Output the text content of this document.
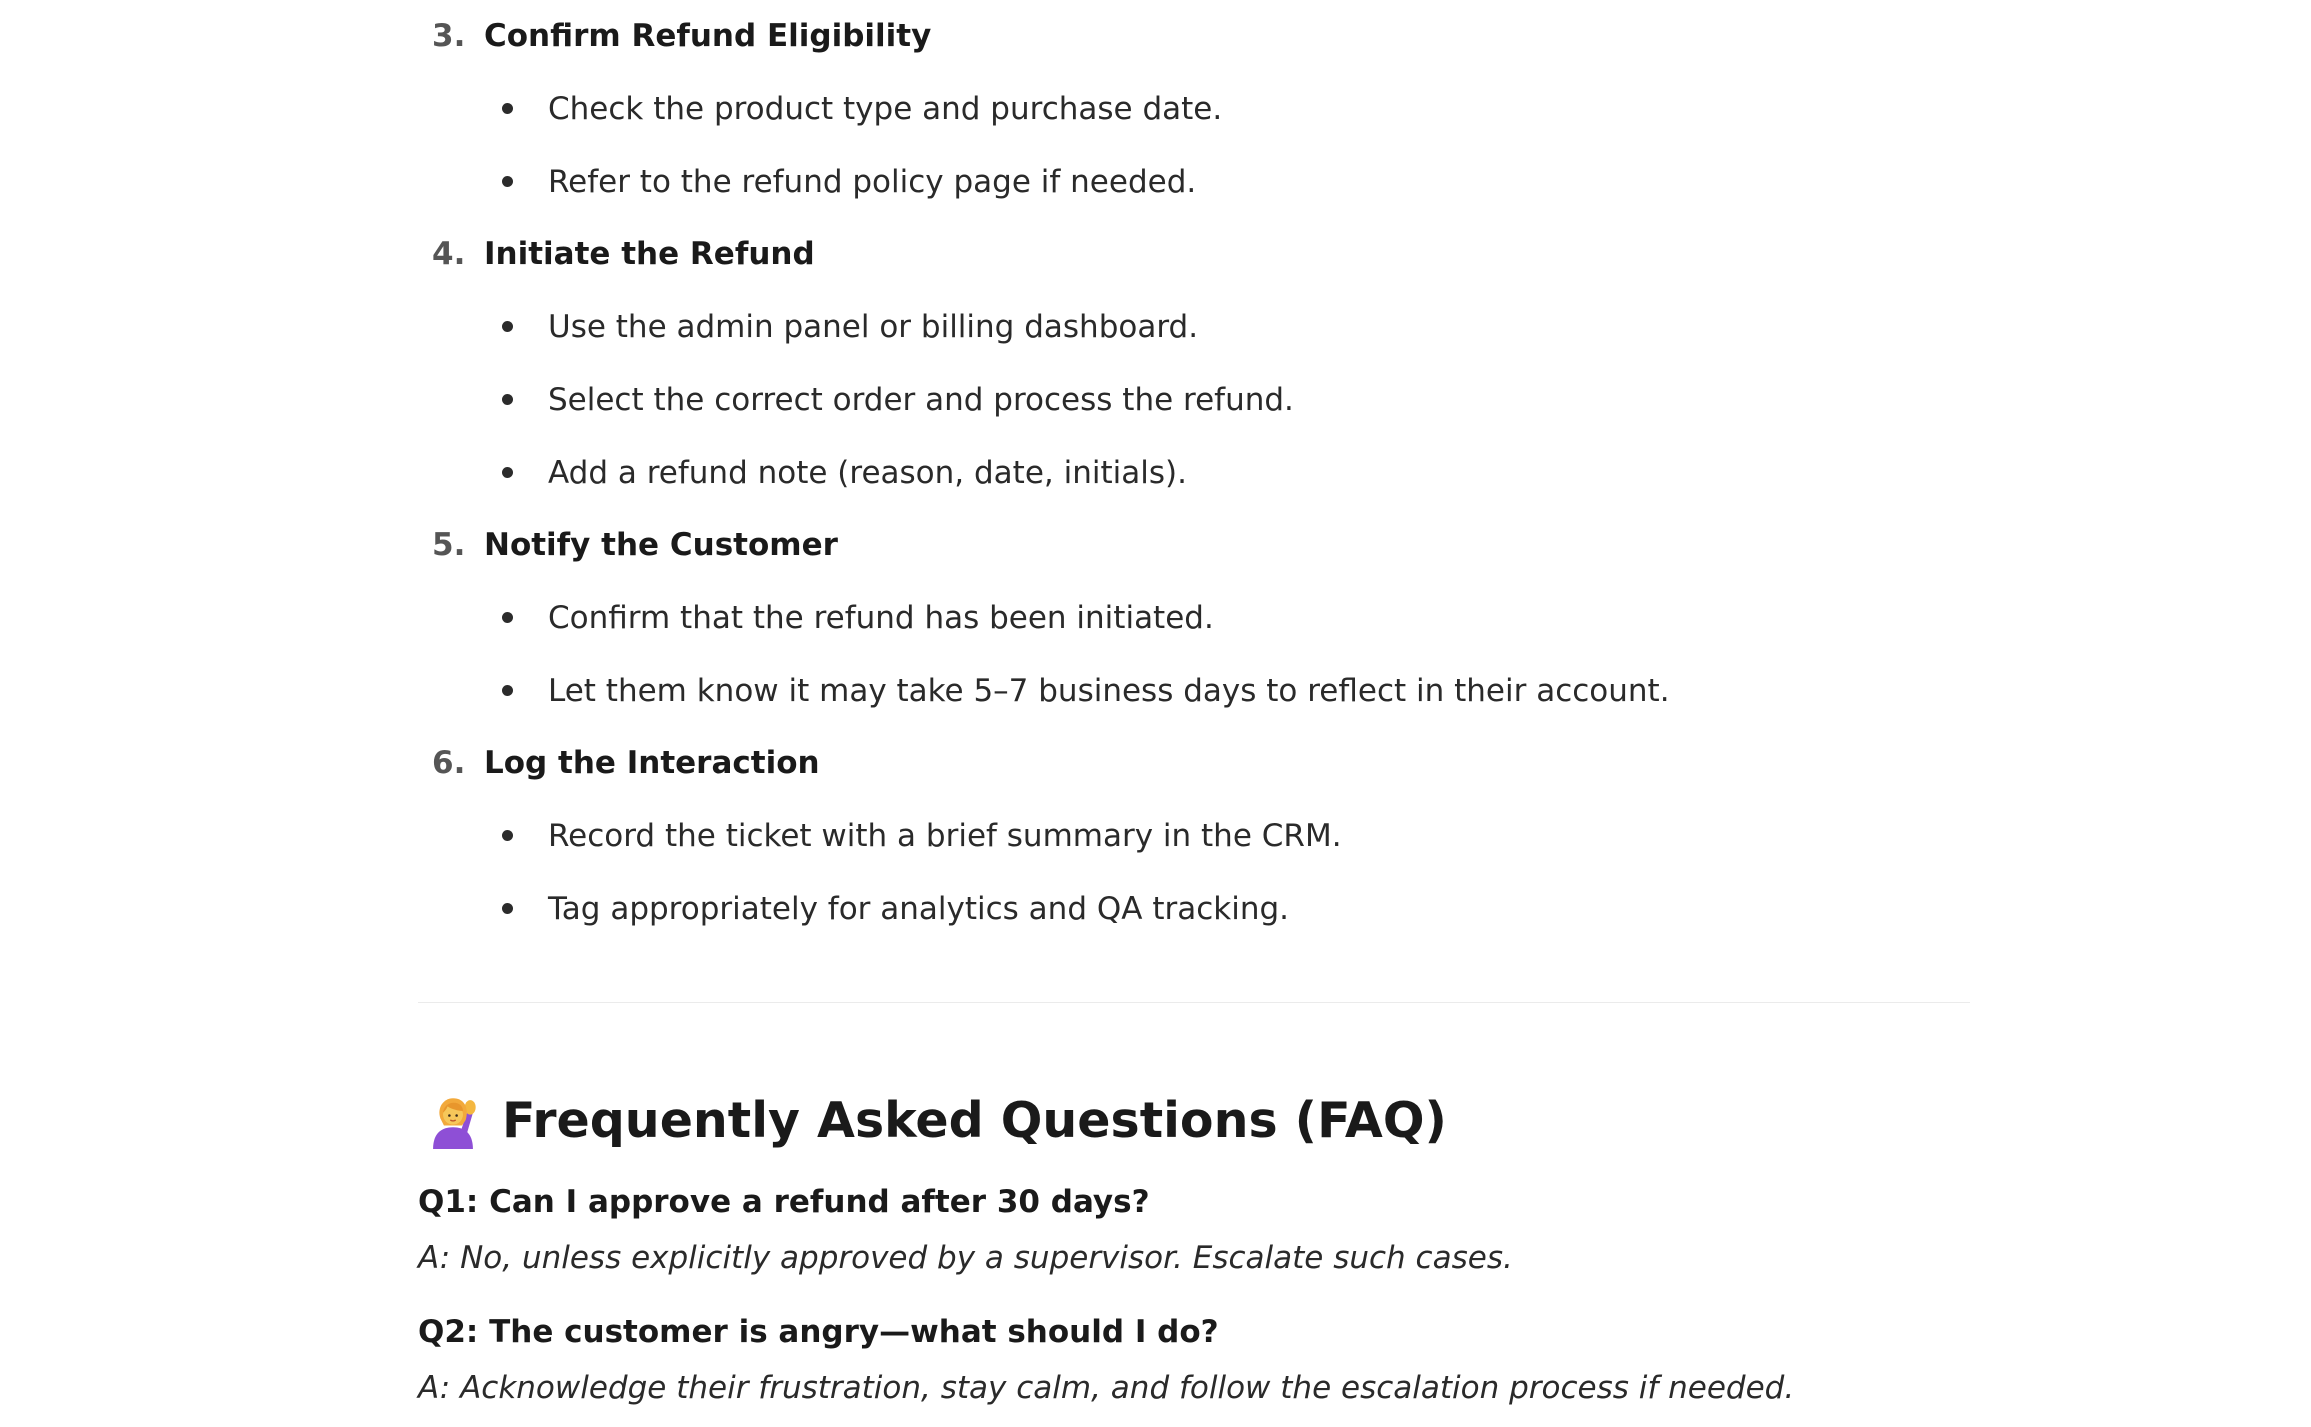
3. Confirm Refund Eligibility
Check the product type and purchase date.
Refer to the refund policy page if needed.
4. Initiate the Refund
Use the admin panel or billing dashboard.
Select the correct order and process the refund.
Add a refund note (reason, date, initials).
5. Notify the Customer
Confirm that the refund has been initiated.
Let them know it may take 5–7 business days to reflect in their account.
6. Log the Interaction
Record the ticket with a brief summary in the CRM.
Tag appropriately for analytics and QA tracking.
Frequently Asked Questions (FAQ)
Q1: Can I approve a refund after 30 days?
A: No, unless explicitly approved by a supervisor. Escalate such cases.
Q2: The customer is angry—what should I do?
A: Acknowledge their frustration, stay calm, and follow the escalation process if needed.
